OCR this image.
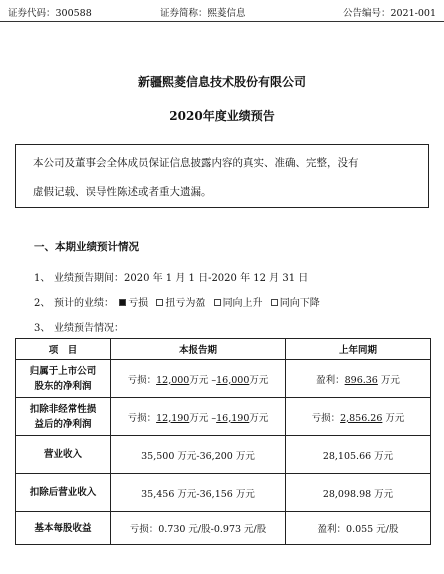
证券代码：300588	证券简称：熙菱信息	公告编号：2021-001
新疆熙菱信息技术股份有限公司
2020年度业绩预告
本公司及董事会全体成员保证信息披露内容的真实、准确、完整，没有
虚假记载、误导性陈述或者重大遗漏。
一、本期业绩预计情况
1、 业绩预告期间：2020 年 1 月 1 日-2020 年 12 月 31 日
2、 预计的业绩： 亏损 扭亏为盈 同向上升 同向下降
3、 业绩预告情况：
项　目	本报告期	上年同期
归属于上市公司
股东的净利润	亏损：12,000万元 –16,000万元	盈利：896.36 万元
扣除非经常性损
益后的净利润	亏损：12,190万元 –16,190万元	亏损：2,856.26 万元
营业收入	35,500 万元-36,200 万元	28,105.66 万元
扣除后营业收入	35,456 万元-36,156 万元	28,098.98 万元
基本每股收益	亏损：0.730 元/股-0.973 元/股	盈利：0.055 元/股
